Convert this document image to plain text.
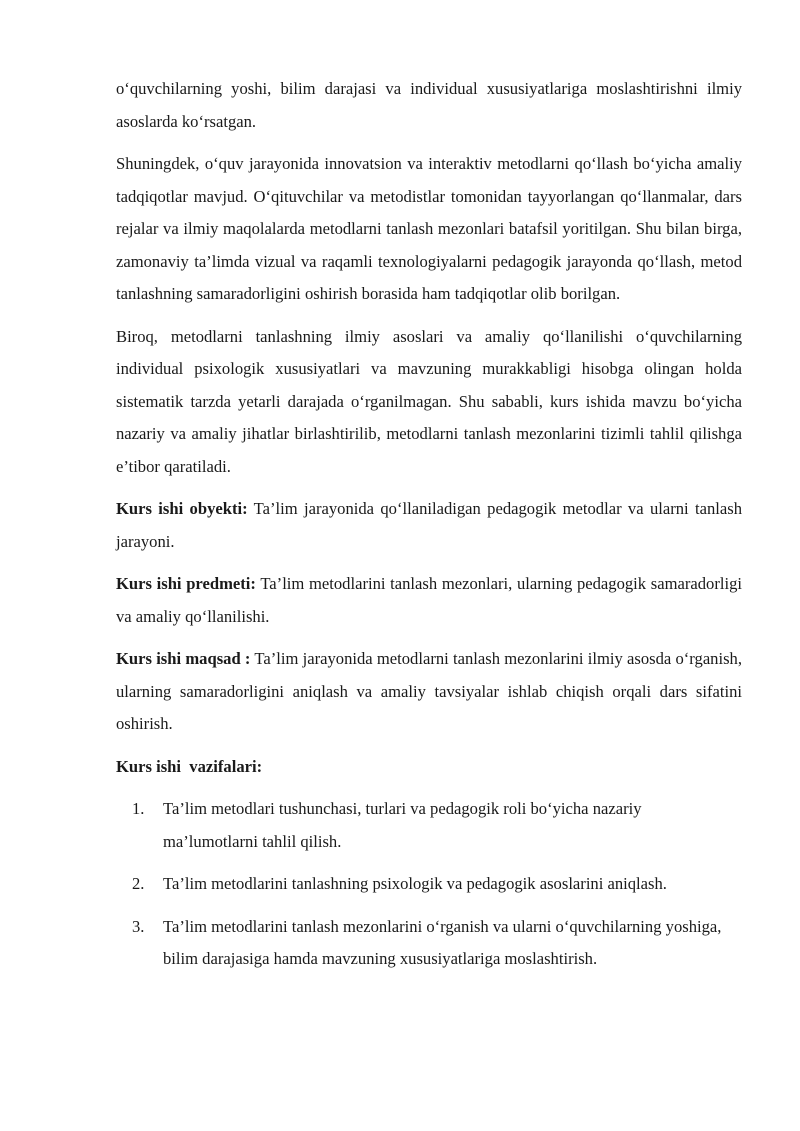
o‘quvchilarning yoshi, bilim darajasi va individual xususiyatlariga moslashtirishni ilmiy asoslarda ko‘rsatgan.

Shuningdek, o‘quv jarayonida innovatsion va interaktiv metodlarni qo‘llash bo‘yicha amaliy tadqiqotlar mavjud. O‘qituvchilar va metodistlar tomonidan tayyorlangan qo‘llanmalar, dars rejalar va ilmiy maqolalarda metodlarni tanlash mezonlari batafsil yoritilgan. Shu bilan birga, zamonaviy ta’limda vizual va raqamli texnologiyalarni pedagogik jarayonda qo‘llash, metod tanlashning samaradorligini oshirish borasida ham tadqiqotlar olib borilgan.

Biroq, metodlarni tanlashning ilmiy asoslari va amaliy qo‘llanilishi o‘quvchilarning individual psixologik xususiyatlari va mavzuning murakkabligi hisobga olingan holda sistematik tarzda yetarli darajada o‘rganilmagan. Shu sababli, kurs ishida mavzu bo‘yicha nazariy va amaliy jihatlar birlashtirilib, metodlarni tanlash mezonlarini tizimli tahlil qilishga e’tibor qaratiladi.

Kurs ishi obyekti: Ta’lim jarayonida qo‘llaniladigan pedagogik metodlar va ularni tanlash jarayoni.

Kurs ishi predmeti: Ta’lim metodlarini tanlash mezonlari, ularning pedagogik samaradorligi va amaliy qo‘llanilishi.

Kurs ishi maqsad : Ta’lim jarayonida metodlarni tanlash mezonlarini ilmiy asosda o‘rganish, ularning samaradorligini aniqlash va amaliy tavsiyalar ishlab chiqish orqali dars sifatini oshirish.

Kurs ishi  vazifalari:

1. Ta’lim metodlari tushunchasi, turlari va pedagogik roli bo‘yicha nazariy ma’lumotlarni tahlil qilish.
2. Ta’lim metodlarini tanlashning psixologik va pedagogik asoslarini aniqlash.
3. Ta’lim metodlarini tanlash mezonlarini o‘rganish va ularni o‘quvchilarning yoshiga, bilim darajasiga hamda mavzuning xususiyatlariga moslashtirish.
